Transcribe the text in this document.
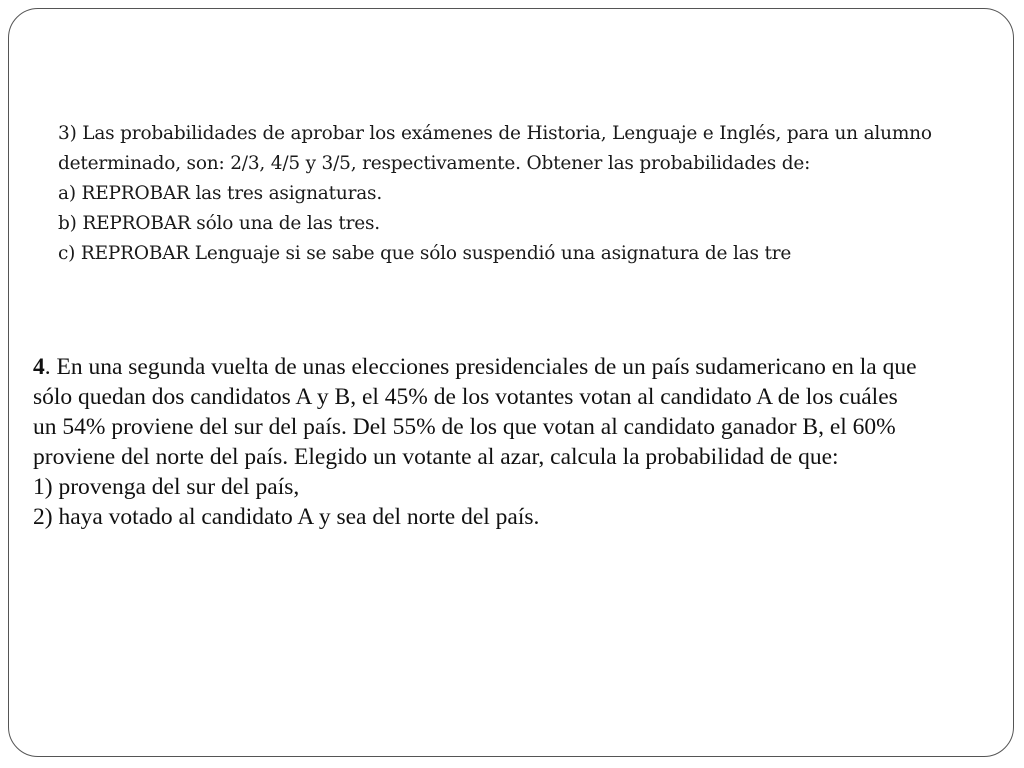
3) Las probabilidades de aprobar los exámenes de Historia, Lenguaje e Inglés, para un alumno
determinado, son: 2/3, 4/5 y 3/5, respectivamente. Obtener las probabilidades de:
a) REPROBAR las tres asignaturas.
b) REPROBAR sólo una de las tres.
c) REPROBAR Lenguaje si se sabe que sólo suspendió una asignatura de las tre
4. En una segunda vuelta de unas elecciones presidenciales de un país sudamericano en la que
sólo quedan dos candidatos A y B, el 45% de los votantes votan al candidato A de los cuáles
un 54% proviene del sur del país. Del 55% de los que votan al candidato ganador B, el 60%
proviene del norte del país. Elegido un votante al azar, calcula la probabilidad de que:
1) provenga del sur del país,
2) haya votado al candidato A y sea del norte del país.
